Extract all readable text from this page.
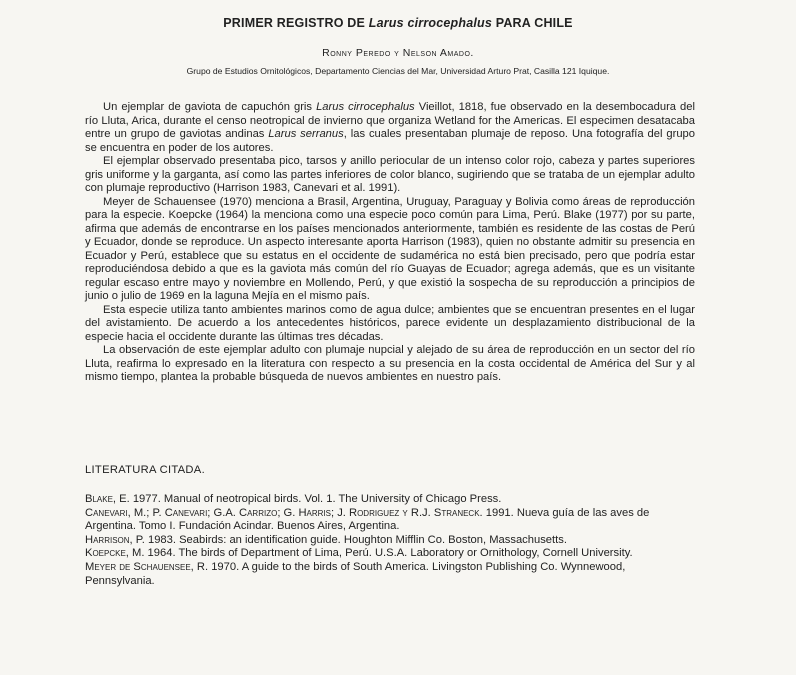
PRIMER REGISTRO DE Larus cirrocephalus PARA CHILE
Ronny Peredo y Nelson Amado.
Grupo de Estudios Ornitológicos, Departamento Ciencias del Mar, Universidad Arturo Prat, Casilla 121 Iquique.

Un ejemplar de gaviota de capuchón gris Larus cirrocephalus Vieillot, 1818, fue observado en la desembocadura del río Lluta, Arica, durante el censo neotropical de invierno que organiza Wetland for the Americas. El especimen desatacaba entre un grupo de gaviotas andinas Larus serranus, las cuales presentaban plumaje de reposo. Una fotografía del grupo se encuentra en poder de los autores.

El ejemplar observado presentaba pico, tarsos y anillo periocular de un intenso color rojo, cabeza y partes superiores gris uniforme y la garganta, así como las partes inferiores de color blanco, sugiriendo que se trataba de un ejemplar adulto con plumaje reproductivo (Harrison 1983, Canevari et al. 1991).

Meyer de Schauensee (1970) menciona a Brasil, Argentina, Uruguay, Paraguay y Bolivia como áreas de reproducción para la especie. Koepcke (1964) la menciona como una especie poco común para Lima, Perú. Blake (1977) por su parte, afirma que además de encontrarse en los países mencionados anteriormente, también es residente de las costas de Perú y Ecuador, donde se reproduce. Un aspecto interesante aporta Harrison (1983), quien no obstante admitir su presencia en Ecuador y Perú, establece que su estatus en el occidente de sudamérica no está bien precisado, pero que podría estar reproduciéndosa debido a que es la gaviota más común del río Guayas de Ecuador; agrega además, que es un visitante regular escaso entre mayo y noviembre en Mollendo, Perú, y que existió la sospecha de su reproducción a principios de junio o julio de 1969 en la laguna Mejía en el mismo país.

Esta especie utiliza tanto ambientes marinos como de agua dulce; ambientes que se encuentran presentes en el lugar del avistamiento. De acuerdo a los antecedentes históricos, parece evidente un desplazamiento distribucional de la especie hacia el occidente durante las últimas tres décadas.

La observación de este ejemplar adulto con plumaje nupcial y alejado de su área de reproducción en un sector del río Lluta, reafirma lo expresado en la literatura con respecto a su presencia en la costa occidental de América del Sur y al mismo tiempo, plantea la probable búsqueda de nuevos ambientes en nuestro país.

LITERATURA CITADA.
Blake, E. 1977. Manual of neotropical birds. Vol. 1. The University of Chicago Press.
Canevari, M.; P. Canevari; G.A. Carrizo; G. Harris; J. Rodriguez y R.J. Straneck. 1991. Nueva guía de las aves de Argentina. Tomo I. Fundación Acindar. Buenos Aires, Argentina.
Harrison, P. 1983. Seabirds: an identification guide. Houghton Mifflin Co. Boston, Massachusetts.
Koepcke, M. 1964. The birds of Department of Lima, Perú. U.S.A. Laboratory or Ornithology, Cornell University.
Meyer de Schauensee, R. 1970. A guide to the birds of South America. Livingston Publishing Co. Wynnewood, Pennsylvania.
